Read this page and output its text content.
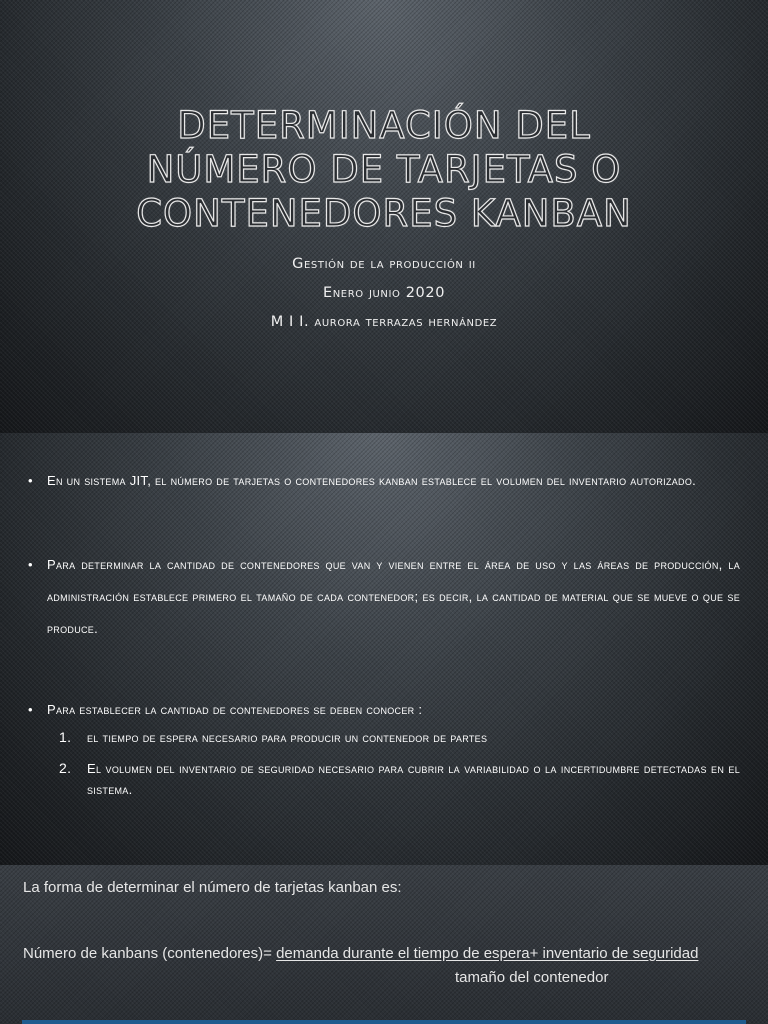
DETERMINACIÓN DEL
NÚMERO DE TARJETAS O
CONTENEDORES KANBAN
Gestión de la producción ii
Enero junio 2020
M I I. aurora terrazas hernández
• En un sistema JIT, el número de tarjetas o contenedores kanban establece el volumen del inventario autorizado.
• Para determinar la cantidad de contenedores que van y vienen entre el área de uso y las áreas de producción, la administración establece primero el tamaño de cada contenedor; es decir, la cantidad de material que se mueve o que se produce.
• Para establecer la cantidad de contenedores se deben conocer :
1. el tiempo de espera necesario para producir un contenedor de partes
2. El volumen del inventario de seguridad necesario para cubrir la variabilidad o la incertidumbre detectadas en el sistema.
La forma de determinar el número de tarjetas kanban es:
Número de kanbans (contenedores)= demanda durante el tiempo de espera+ inventario de seguridad
tamaño del contenedor
